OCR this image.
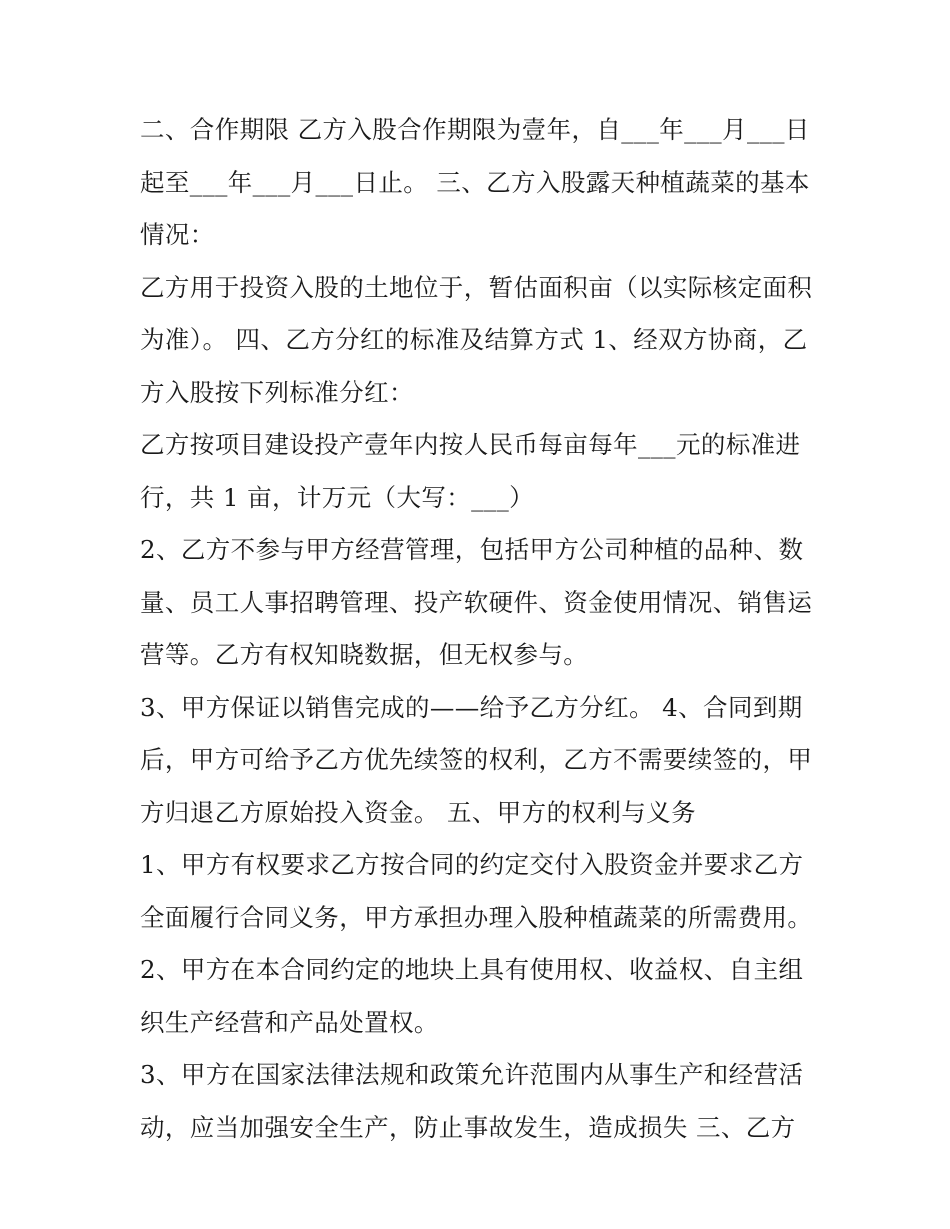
二、合作期限 乙方入股合作期限为壹年，自___年___月___日
起至___年___月___日止。 三、乙方入股露天种植蔬菜的基本
情况：
乙方用于投资入股的土地位于，暂估面积亩（以实际核定面积
为准）。 四、乙方分红的标准及结算方式 1、经双方协商，乙
方入股按下列标准分红：
乙方按项目建设投产壹年内按人民币每亩每年___元的标准进
行，共 1 亩，计万元（大写：___）
2、乙方不参与甲方经营管理，包括甲方公司种植的品种、数
量、员工人事招聘管理、投产软硬件、资金使用情况、销售运
营等。乙方有权知晓数据，但无权参与。
3、甲方保证以销售完成的——给予乙方分红。 4、合同到期
后，甲方可给予乙方优先续签的权利，乙方不需要续签的，甲
方归退乙方原始投入资金。 五、甲方的权利与义务
1、甲方有权要求乙方按合同的约定交付入股资金并要求乙方
全面履行合同义务，甲方承担办理入股种植蔬菜的所需费用。
2、甲方在本合同约定的地块上具有使用权、收益权、自主组
织生产经营和产品处置权。
3、甲方在国家法律法规和政策允许范围内从事生产和经营活
动，应当加强安全生产，防止事故发生，造成损失 三、乙方
